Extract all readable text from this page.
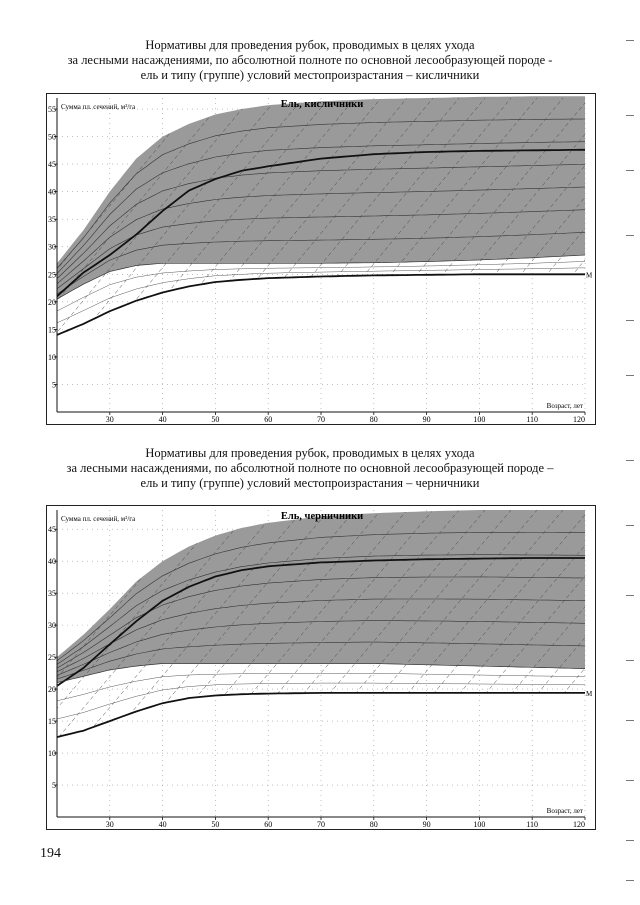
Нормативы для проведения рубок, проводимых в целях ухода
за лесными насаждениями, по абсолютной полноте по основной лесообразующей породе -
ель и типу (группе) условий местопроизрастания – кисличники
30	40	50	60	70	80	90	100	110	120
5
10
15
20
25
30
35
40
45
50
55	Ель, кисличники
Сумма пл. сечений, м²/га
Возраст, лет
M
Нормативы для проведения рубок, проводимых в целях ухода
за лесными насаждениями, по абсолютной полноте по основной лесообразующей породе –
ель и типу (группе) условий местопроизрастания – черничники
30	40	50	60	70	80	90	100	110	120
5
10
15
20
25
30
35
40
45
Ель, черничники
Сумма пл. сечений, м²/га
Возраст, лет
M
194
